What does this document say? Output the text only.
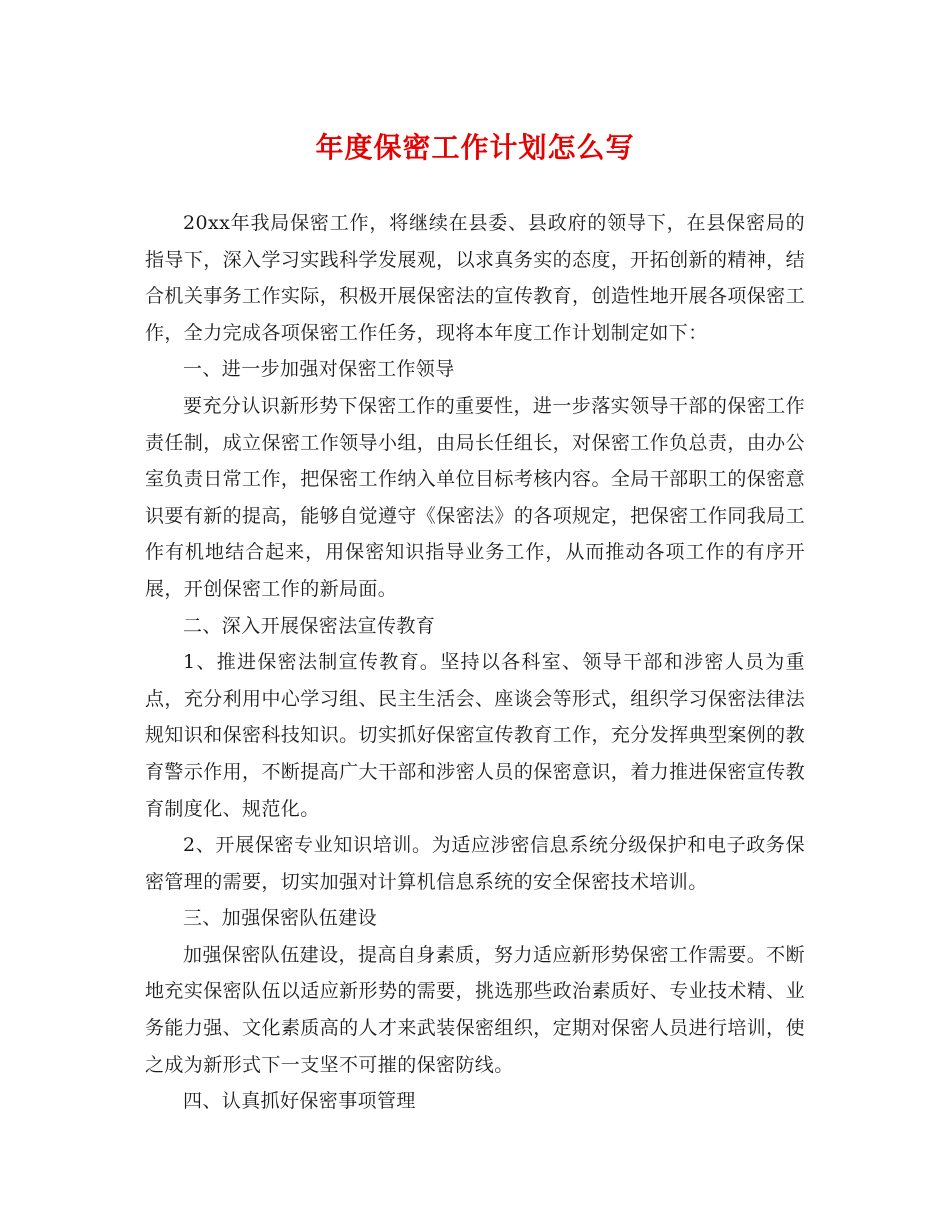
年度保密工作计划怎么写

20xx年我局保密工作，将继续在县委、县政府的领导下，在县保密局的指导下，深入学习实践科学发展观，以求真务实的态度，开拓创新的精神，结合机关事务工作实际，积极开展保密法的宣传教育，创造性地开展各项保密工作，全力完成各项保密工作任务，现将本年度工作计划制定如下：

一、进一步加强对保密工作领导

要充分认识新形势下保密工作的重要性，进一步落实领导干部的保密工作责任制，成立保密工作领导小组，由局长任组长，对保密工作负总责，由办公室负责日常工作，把保密工作纳入单位目标考核内容。全局干部职工的保密意识要有新的提高，能够自觉遵守《保密法》的各项规定，把保密工作同我局工作有机地结合起来，用保密知识指导业务工作，从而推动各项工作的有序开展，开创保密工作的新局面。

二、深入开展保密法宣传教育

1、推进保密法制宣传教育。坚持以各科室、领导干部和涉密人员为重点，充分利用中心学习组、民主生活会、座谈会等形式，组织学习保密法律法规知识和保密科技知识。切实抓好保密宣传教育工作，充分发挥典型案例的教育警示作用，不断提高广大干部和涉密人员的保密意识，着力推进保密宣传教育制度化、规范化。

2、开展保密专业知识培训。为适应涉密信息系统分级保护和电子政务保密管理的需要，切实加强对计算机信息系统的安全保密技术培训。

三、加强保密队伍建设

加强保密队伍建设，提高自身素质，努力适应新形势保密工作需要。不断地充实保密队伍以适应新形势的需要，挑选那些政治素质好、专业技术精、业务能力强、文化素质高的人才来武装保密组织，定期对保密人员进行培训，使之成为新形式下一支坚不可摧的保密防线。

四、认真抓好保密事项管理
